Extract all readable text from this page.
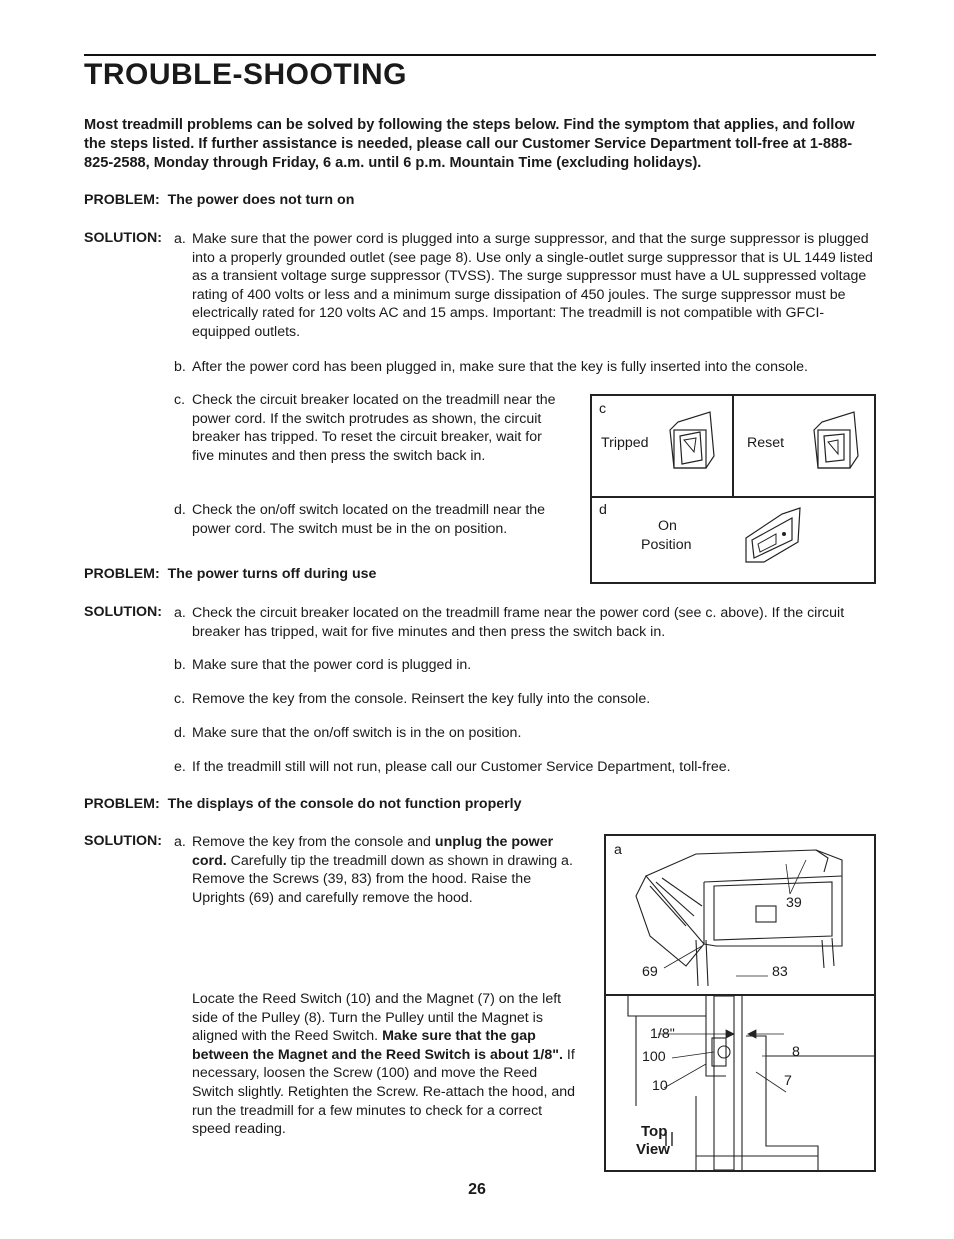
TROUBLE-SHOOTING
Most treadmill problems can be solved by following the steps below. Find the symptom that applies, and follow the steps listed. If further assistance is needed, please call our Customer Service Department toll-free at 1-888-825-2588, Monday through Friday, 6 a.m. until 6 p.m. Mountain Time (excluding holidays).
PROBLEM: The power does not turn on
SOLUTION: a. Make sure that the power cord is plugged into a surge suppressor, and that the surge suppressor is plugged into a properly grounded outlet (see page 8). Use only a single-outlet surge suppressor that is UL 1449 listed as a transient voltage surge suppressor (TVSS). The surge suppressor must have a UL suppressed voltage rating of 400 volts or less and a minimum surge dissipation of 450 joules. The surge suppressor must be electrically rated for 120 volts AC and 15 amps. Important: The treadmill is not compatible with GFCI-equipped outlets.
b. After the power cord has been plugged in, make sure that the key is fully inserted into the console.
c. Check the circuit breaker located on the treadmill near the power cord. If the switch protrudes as shown, the circuit breaker has tripped. To reset the circuit breaker, wait for five minutes and then press the switch back in.
d. Check the on/off switch located on the treadmill near the power cord. The switch must be in the on position.
c
Tripped	Reset
d
On
Position
PROBLEM: The power turns off during use
SOLUTION: a. Check the circuit breaker located on the treadmill frame near the power cord (see c. above). If the circuit breaker has tripped, wait for five minutes and then press the switch back in.
b. Make sure that the power cord is plugged in.
c. Remove the key from the console. Reinsert the key fully into the console.
d. Make sure that the on/off switch is in the on position.
e. If the treadmill still will not run, please call our Customer Service Department, toll-free.
PROBLEM: The displays of the console do not function properly
SOLUTION: a. Remove the key from the console and unplug the power cord. Carefully tip the treadmill down as shown in drawing a. Remove the Screws (39, 83) from the hood. Raise the Uprights (69) and carefully remove the hood.
Locate the Reed Switch (10) and the Magnet (7) on the left side of the Pulley (8). Turn the Pulley until the Magnet is aligned with the Reed Switch. Make sure that the gap between the Magnet and the Reed Switch is about 1/8". If necessary, loosen the Screw (100) and move the Reed Switch slightly. Retighten the Screw. Re-attach the hood, and run the treadmill for a few minutes to check for a correct speed reading.
a
39
69	83
1/8"
100	8
10	7
Top
View
26
